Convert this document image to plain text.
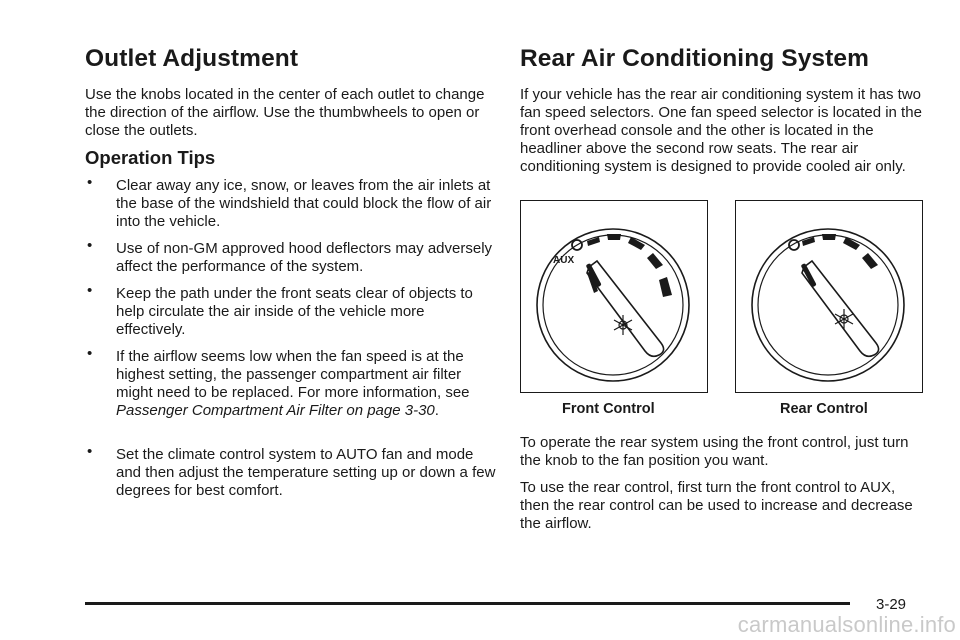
Outlet Adjustment

Use the knobs located in the center of each outlet to change the direction of the airflow. Use the thumbwheels to open or close the outlets.

Operation Tips
• Clear away any ice, snow, or leaves from the air inlets at the base of the windshield that could block the flow of air into the vehicle.
• Use of non-GM approved hood deflectors may adversely affect the performance of the system.
• Keep the path under the front seats clear of objects to help circulate the air inside of the vehicle more effectively.
• If the airflow seems low when the fan speed is at the highest setting, the passenger compartment air filter might need to be replaced. For more information, see Passenger Compartment Air Filter on page 3-30.
• Set the climate control system to AUTO fan and mode and then adjust the temperature setting up or down a few degrees for best comfort.
Rear Air Conditioning System

If your vehicle has the rear air conditioning system it has two fan speed selectors. One fan speed selector is located in the front overhead console and the other is located in the headliner above the second row seats. The rear air conditioning system is designed to provide cooled air only.

AUX
Front Control	Rear Control

To operate the rear system using the front control, just turn the knob to the fan position you want.

To use the rear control, first turn the front control to AUX, then the rear control can be used to increase and decrease the airflow.

3-29
carmanualsonline.info
